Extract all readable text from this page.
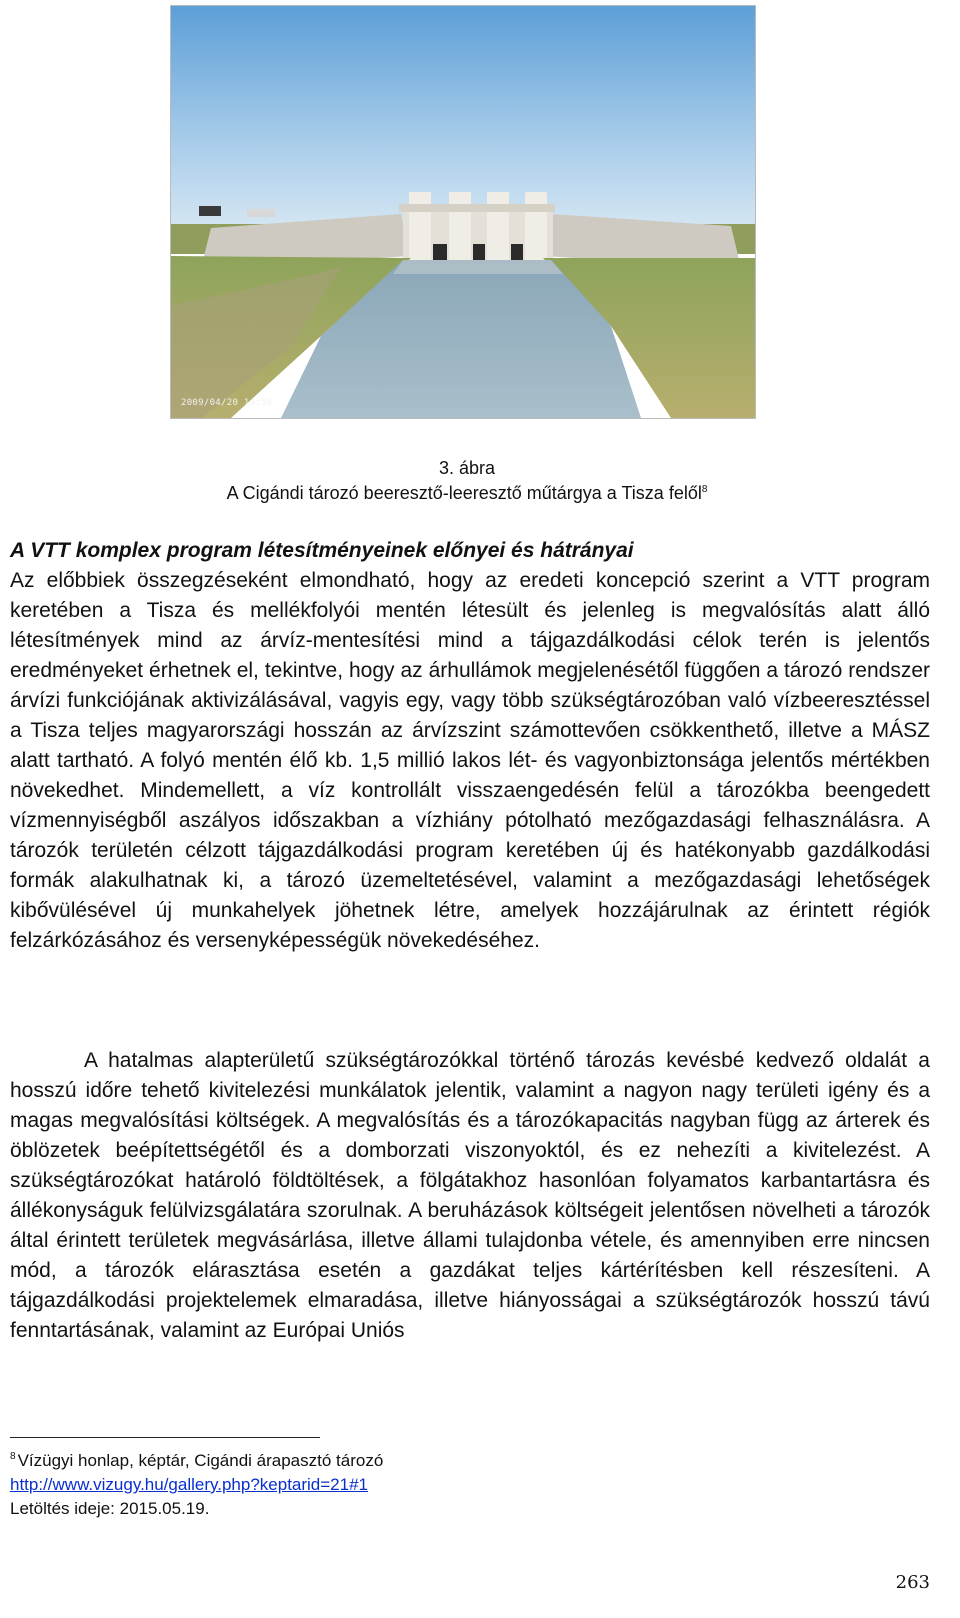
2009/04/20 14:50
3. ábra
A Cigándi tározó beeresztő-leeresztő műtárgya a Tisza felől$^8$
A VTT komplex program létesítményeinek előnyei és hátrányai
Az előbbiek összegzéseként elmondható, hogy az eredeti koncepció szerint a VTT program keretében a Tisza és mellékfolyói mentén létesült és jelenleg is megvalósítás alatt álló létesítmények mind az árvíz-mentesítési mind a tájgazdálkodási célok terén is jelentős eredményeket érhetnek el, tekintve, hogy az árhullámok megjelenésétől függően a tározó rendszer árvízi funkciójának aktivizálásával, vagyis egy, vagy több szükségtározóban való vízbeeresztéssel a Tisza teljes magyarországi hosszán az árvízszint számottevően csökkenthető, illetve a MÁSZ alatt tartható. A folyó mentén élő kb. 1,5 millió lakos lét- és vagyonbiztonsága jelentős mértékben növekedhet. Mindemellett, a víz kontrollált visszaengedésén felül a tározókba beengedett vízmennyiségből aszályos időszakban a vízhiány pótolható mezőgazdasági felhasználásra. A tározók területén célzott tájgazdálkodási program keretében új és hatékonyabb gazdálkodási formák alakulhatnak ki, a tározó üzemeltetésével, valamint a mezőgazdasági lehetőségek kibővülésével új munkahelyek jöhetnek létre, amelyek hozzájárulnak az érintett régiók felzárkózásához és versenyképességük növekedéséhez.
A hatalmas alapterületű szükségtározókkal történő tározás kevésbé kedvező oldalát a hosszú időre tehető kivitelezési munkálatok jelentik, valamint a nagyon nagy területi igény és a magas megvalósítási költségek. A megvalósítás és a tározókapacitás nagyban függ az árterek és öblözetek beépítettségétől és a domborzati viszonyoktól, és ez nehezíti a kivitelezést. A szükségtározókat határoló földtöltések, a fölgátakhoz hasonlóan folyamatos karbantartásra és állékonyságuk felülvizsgálatára szorulnak. A beruházások költségeit jelentősen növelheti a tározók által érintett területek megvásárlása, illetve állami tulajdonba vétele, és amennyiben erre nincsen mód, a tározók elárasztása esetén a gazdákat teljes kártérítésben kell részesíteni. A tájgazdálkodási projektelemek elmaradása, illetve hiányosságai a szükségtározók hosszú távú fenntartásának, valamint az Európai Uniós
$^8$ Vízügyi honlap, képtár, Cigándi árapasztó tározó
http://www.vizugy.hu/gallery.php?keptarid=21#1
Letöltés ideje: 2015.05.19.
263
